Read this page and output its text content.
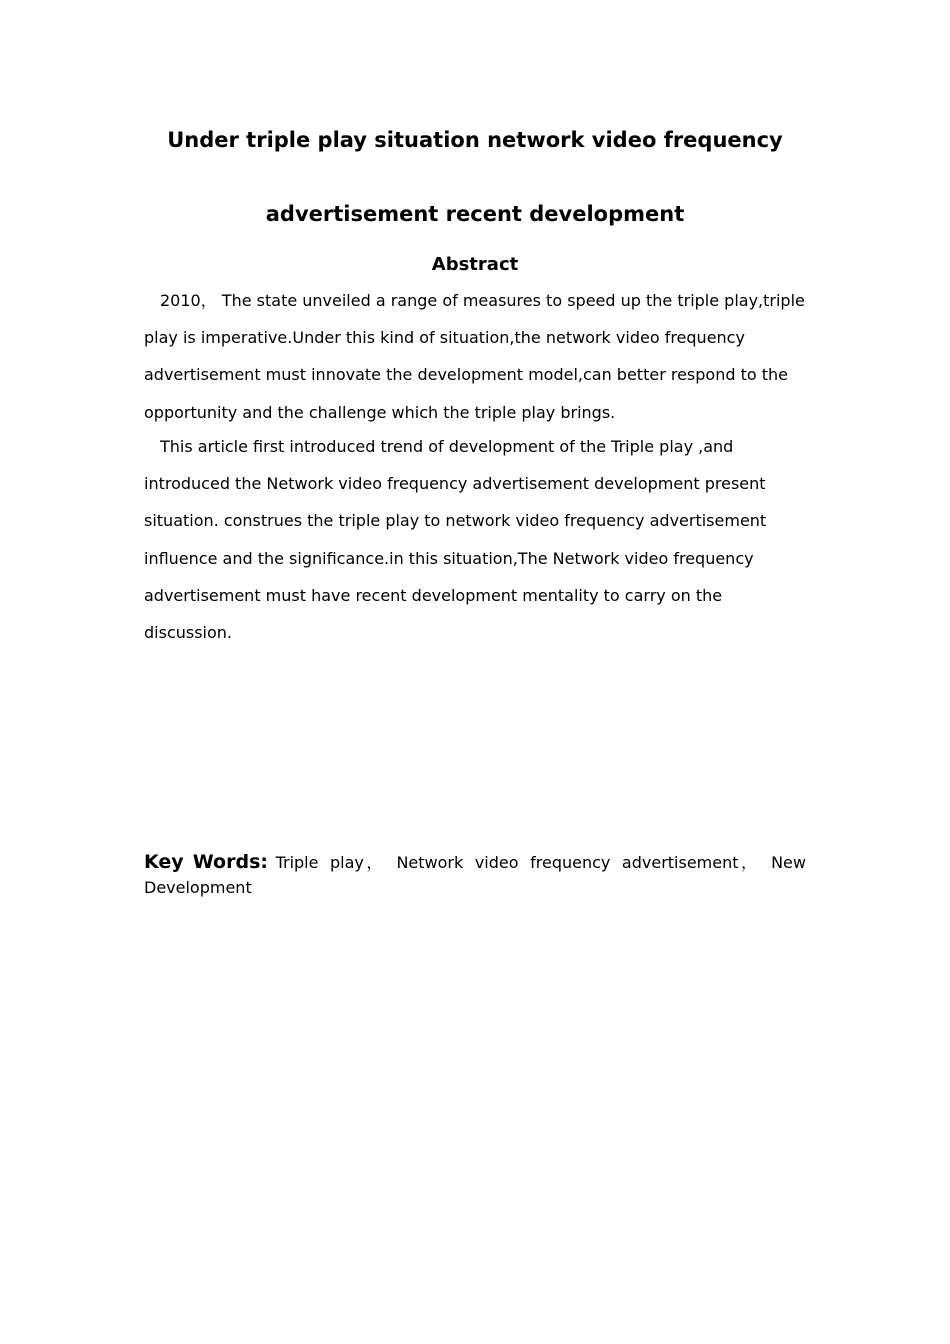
Under triple play situation network video frequency
advertisement recent development
Abstract

2010， The state unveiled a range of measures to speed up the triple play,triple play is imperative.Under this kind of situation,the network video frequency advertisement must innovate the development model,can better respond to the opportunity and the challenge which the triple play brings.

This article first introduced trend of development of the Triple play ,and introduced the Network video frequency advertisement development present situation. construes the triple play to network video frequency advertisement influence and the significance.in this situation,The Network video frequency advertisement must have recent development mentality to carry on the discussion.

Key Words: Triple play， Network video frequency advertisement， New Development
